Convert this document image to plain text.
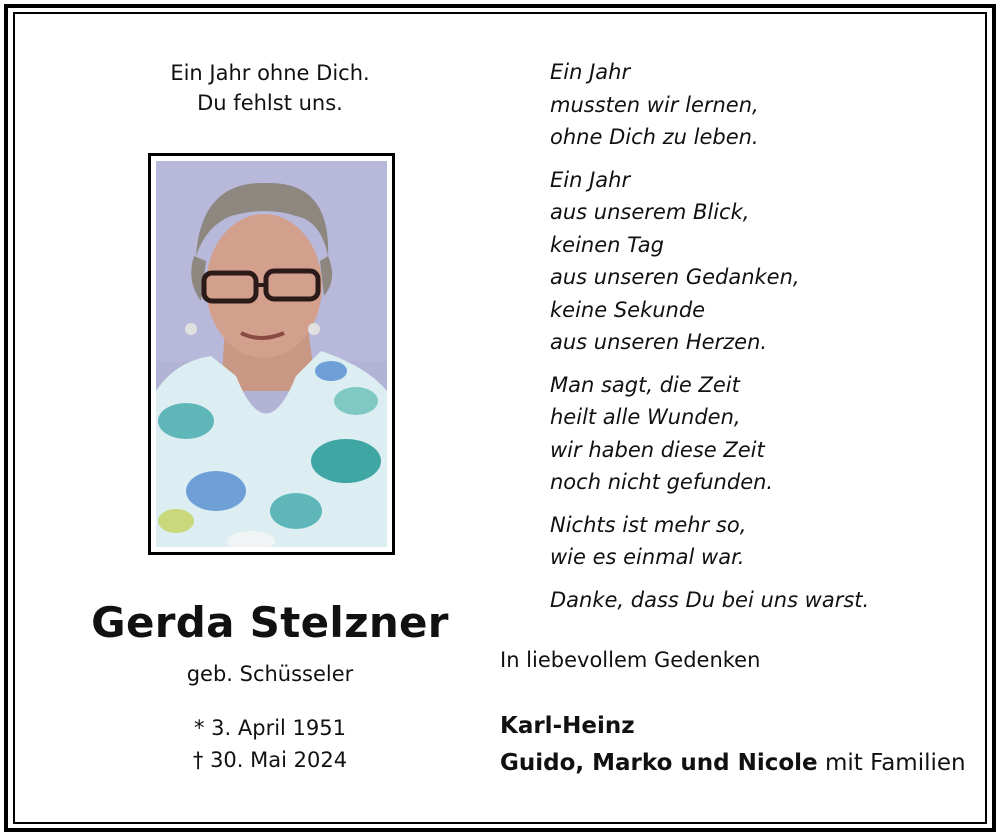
Ein Jahr ohne Dich.
Du fehlst uns.
Gerda Stelzner
geb. Schüsseler
* 3. April 1951
† 30. Mai 2024
Ein Jahr
mussten wir lernen,
ohne Dich zu leben.
Ein Jahr
aus unserem Blick,
keinen Tag
aus unseren Gedanken,
keine Sekunde
aus unseren Herzen.
Man sagt, die Zeit
heilt alle Wunden,
wir haben diese Zeit
noch nicht gefunden.
Nichts ist mehr so,
wie es einmal war.
Danke, dass Du bei uns warst.
In liebevollem Gedenken
Karl-Heinz
Guido, Marko und Nicole mit Familien
